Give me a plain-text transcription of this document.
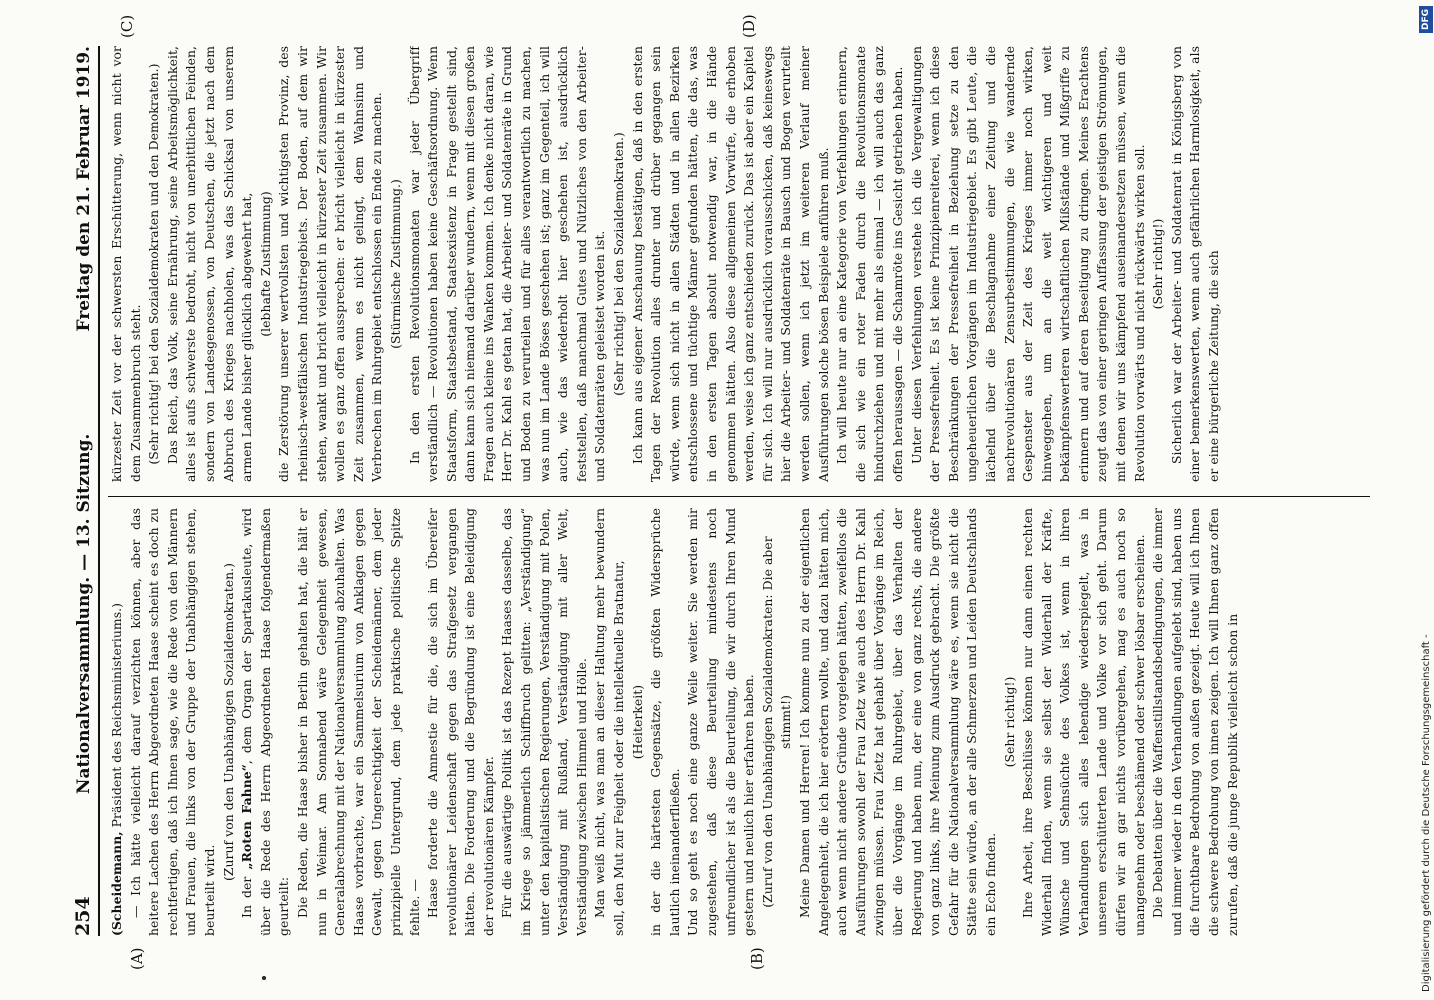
254
Nationalversammlung. — 13. Sitzung.
Freitag den 21. Februar 1919.
(A)	(B)
(C)	(D)

(Scheidemann, Präsident des Reichsministeriums.) — Ich hätte vielleicht darauf verzichten können, aber das heitere Lachen des Herrn Abgeordneten Haase scheint es doch zu rechtfertigen, daß ich Ihnen sage, wie die Rede von den Männern und Frauen, die links von der Gruppe der Unabhängigen stehen, beurteilt wird.

(Zuruf von den Unabhängigen Sozialdemokraten.)

In der „Roten Fahne“, dem Organ der Spartakusleute, wird über die Rede des Herrn Abgeordneten Haase folgendermaßen geurteilt: Die Reden, die Haase bisher in Berlin gehalten hat, die hält er nun in Weimar. Am Sonnabend wäre Gelegenheit gewesen, Generalabrechnung mit der Nationalversammlung abzuhalten. Was Haase vorbrachte, war ein Sammelsurium von Anklagen gegen Gewalt, gegen Ungerechtigkeit der Scheidemänner, dem jeder prinzipielle Untergrund, dem jede praktische politische Spitze fehlte. — Haase forderte die Amnestie für die, die sich im Übereifer revolutionärer Leidenschaft gegen das Strafgesetz vergangen hätten. Die Forderung und die Begründung ist eine Beleidigung der revolutionären Kämpfer. Für die auswärtige Politik ist das Rezept Haases dasselbe, das im Kriege so jämmerlich Schiffbruch gelitten: „Verständigung“ unter den kapitalistischen Regierungen, Verständigung mit Polen, Verständigung mit Rußland, Verständigung mit aller Welt, Verständigung zwischen Himmel und Hölle. Man weiß nicht, was man an dieser Haltung mehr bewundern soll, den Mut zur Feigheit oder die intellektuelle Bratnatur, (Heiterkeit) in der die härtesten Gegensätze, die größten Widersprüche lautlich ineinanderfließen. Und so geht es noch eine ganze Weile weiter. Sie werden mir zugestehen, daß diese Beurteilung mindestens noch unfreundlicher ist als die Beurteilung, die wir durch Ihren Mund gestern und neulich hier erfahren haben. (Zuruf von den Unabhängigen Sozialdemokraten: Die aber stimmt!) Meine Damen und Herren! Ich komme nun zu der eigentlichen Angelegenheit, die ich hier erörtern wollte, und dazu hätten mich, auch wenn nicht andere Gründe vorgelegen hätten, zweifellos die Ausführungen sowohl der Frau Zietz wie auch des Herrn Dr. Kahl zwingen müssen. Frau Zietz hat gehabt über Vorgänge im Reich, über die Vorgänge im Ruhrgebiet, über das Verhalten der Regierung und haben nun, der eine von ganz rechts, die andere von ganz links, ihre Meinung zum Ausdruck gebracht. Die größte Gefahr für die Nationalversammlung wäre es, wenn sie nicht die Stätte sein würde, an der alle Schmerzen und Leiden Deutschlands ein Echo finden.

(Sehr richtig!) Ihre Arbeit, ihre Beschlüsse können nur dann einen rechten Widerhall finden, wenn sie selbst der Widerhall der Kräfte, Wünsche und Sehnsüchte des Volkes ist, wenn in ihren Verhandlungen sich alles lebendige wiederspiegelt, was in unserem erschütterten Lande und Volke vor sich geht. Darum dürfen wir an gar nichts vorübergehen, mag es auch noch so unangenehm oder beschämend oder schwer lösbar erscheinen. Die Debatten über die Waffenstillstandsbedingungen, die immer und immer wieder in den Verhandlungen aufgelebt sind, haben uns die furchtbare Bedrohung von außen gezeigt. Heute will ich Ihnen die schwere Bedrohung von innen zeigen. Ich will Ihnen ganz offen zurufen, daß die junge Republik vielleicht schon in

kürzester Zeit vor der schwersten Erschütterung, wenn nicht vor dem Zusammenbruch steht. (Sehr richtig! bei den Sozialdemokraten und den Demokraten.) Das Reich, das Volk, seine Ernährung, seine Arbeitsmöglichkeit, alles ist aufs schwerste bedroht, nicht von unerbittlichen Feinden, sondern von Landesgenossen, von Deutschen, die jetzt nach dem Abbruch des Krieges nachholen, was das Schicksal von unserem armen Lande bisher glücklich abgewehrt hat, (lebhafte Zustimmung) die Zerstörung unserer wertvollsten und wichtigsten Provinz, des rheinisch-westfälischen Industriegebiets. Der Boden, auf dem wir stehen, wankt und bricht vielleicht in kürzester Zeit zusammen. Wir wollen es ganz offen aussprechen: er bricht vielleicht in kürzester Zeit zusammen, wenn es nicht gelingt, dem Wahnsinn und Verbrechen im Ruhrgebiet entschlossen ein Ende zu machen. (Stürmische Zustimmung.) In den ersten Revolutionsmonaten war jeder Übergriff verständlich — Revolutionen haben keine Geschäftsordnung. Wenn Staatsform, Staatsbestand, Staatsexistenz in Frage gestellt sind, dann kann sich niemand darüber wundern, wenn mit diesen großen Fragen auch kleine ins Wanken kommen. Ich denke nicht daran, wie Herr Dr. Kahl es getan hat, die Arbeiter- und Soldatenräte in Grund und Boden zu verurteilen und für alles verantwortlich zu machen, was nun im Lande Böses geschehen ist; ganz im Gegenteil, ich will auch, wie das wiederholt hier geschehen ist, ausdrücklich feststellen, daß manchmal Gutes und Nützliches von den Arbeiter- und Soldatenräten geleistet worden ist. (Sehr richtig! bei den Sozialdemokraten.) Ich kann aus eigener Anschauung bestätigen, daß in den ersten Tagen der Revolution alles drunter und drüber gegangen sein würde, wenn sich nicht in allen Städten und in allen Bezirken entschlossene und tüchtige Männer gefunden hätten, die das, was in den ersten Tagen absolut notwendig war, in die Hände genommen hätten. Also diese allgemeinen Vorwürfe, die erhoben werden, weise ich ganz entschieden zurück. Das ist aber ein Kapitel für sich. Ich will nur ausdrücklich vorausschicken, daß keineswegs hier die Arbeiter- und Soldatenräte in Bausch und Bogen verurteilt werden sollen, wenn ich jetzt im weiteren Verlauf meiner Ausführungen solche bösen Beispiele anführen muß. Ich will heute nur an eine Kategorie von Verfehlungen erinnern, die sich wie ein roter Faden durch die Revolutionsmonate hindurchziehen und mit mehr als einmal — ich will auch das ganz offen heraussagen — die Schamröte ins Gesicht getrieben haben. Unter diesen Verfehlungen verstehe ich die Vergewaltigungen der Pressefreiheit. Es ist keine Prinzipienreiterei, wenn ich diese Beschränkungen der Pressefreiheit in Beziehung setze zu den ungeheuerlichen Vorgängen im Industriegebiet. Es gibt Leute, die lächelnd über die Beschlagnahme einer Zeitung und die nachrevolutionären Zensurbestimmungen, die wie wandernde Gespenster aus der Zeit des Krieges immer noch wirken, hinweggehen, um an die weit wichtigeren und weit bekämpfenswerteren wirtschaftlichen Mißstände und Mißgriffe zu erinnern und auf deren Beseitigung zu dringen. Meines Erachtens zeugt das von einer geringen Auffassung der geistigen Strömungen, mit denen wir uns kämpfend auseinandersetzen müssen, wenn die Revolution vorwärts und nicht rückwärts wirken soll. (Sehr richtig!) Sicherlich war der Arbeiter- und Soldatenrat in Königsberg von einer bemerkenswerten, wenn auch gefährlichen Harmlosigkeit, als er eine bürgerliche Zeitung, die sich

Digitalisierung gefördert durch die Deutsche Forschungsgemeinschaft -
DFG
